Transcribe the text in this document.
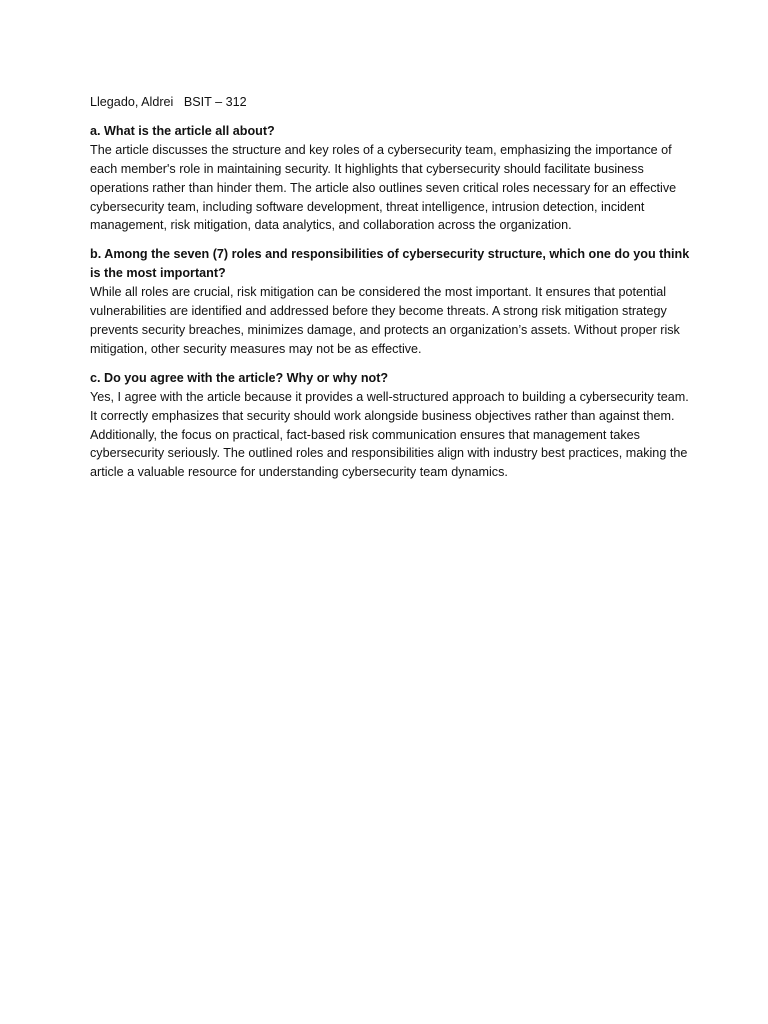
Llegado, Aldrei   BSIT – 312

a. What is the article all about?

The article discusses the structure and key roles of a cybersecurity team, emphasizing the importance of each member's role in maintaining security. It highlights that cybersecurity should facilitate business operations rather than hinder them. The article also outlines seven critical roles necessary for an effective cybersecurity team, including software development, threat intelligence, intrusion detection, incident management, risk mitigation, data analytics, and collaboration across the organization.

b. Among the seven (7) roles and responsibilities of cybersecurity structure, which one do you think is the most important?

While all roles are crucial, risk mitigation can be considered the most important. It ensures that potential vulnerabilities are identified and addressed before they become threats. A strong risk mitigation strategy prevents security breaches, minimizes damage, and protects an organization’s assets. Without proper risk mitigation, other security measures may not be as effective.

c. Do you agree with the article? Why or why not?

Yes, I agree with the article because it provides a well-structured approach to building a cybersecurity team. It correctly emphasizes that security should work alongside business objectives rather than against them. Additionally, the focus on practical, fact-based risk communication ensures that management takes cybersecurity seriously. The outlined roles and responsibilities align with industry best practices, making the article a valuable resource for understanding cybersecurity team dynamics.
